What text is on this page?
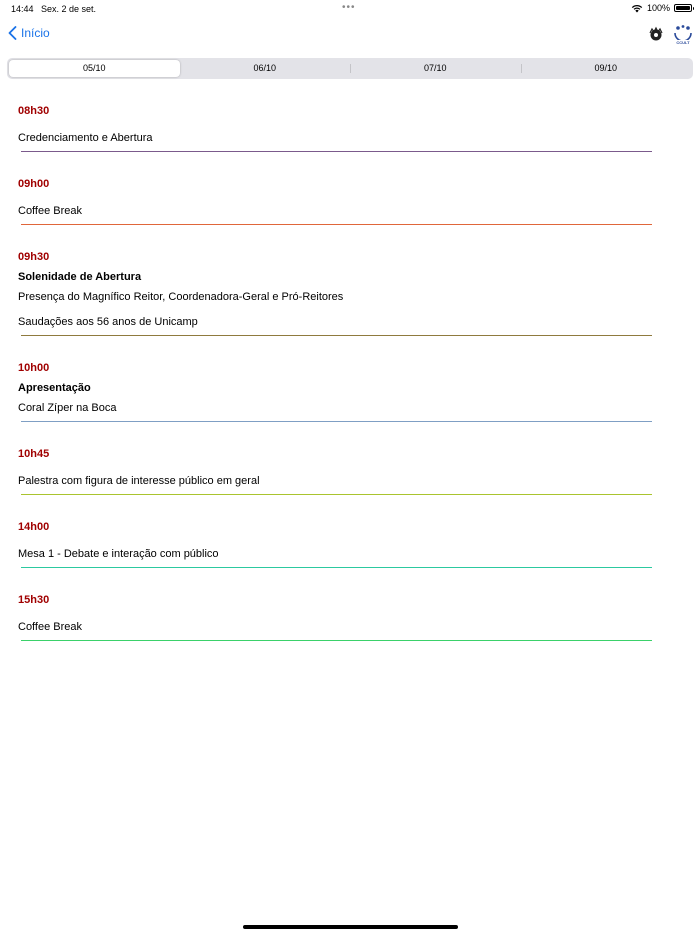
14:44 Sex. 2 de set.	•••	100%
Início
CCULT
05/10	06/10	07/10	09/10
08h30
Credenciamento e Abertura
09h00
Coffee Break
09h30
Solenidade de Abertura
Presença do Magnífico Reitor, Coordenadora-Geral e Pró-Reitores
Saudações aos 56 anos de Unicamp
10h00
Apresentação
Coral Zíper na Boca
10h45
Palestra com figura de interesse público em geral
14h00
Mesa 1 - Debate e interação com público
15h30
Coffee Break
